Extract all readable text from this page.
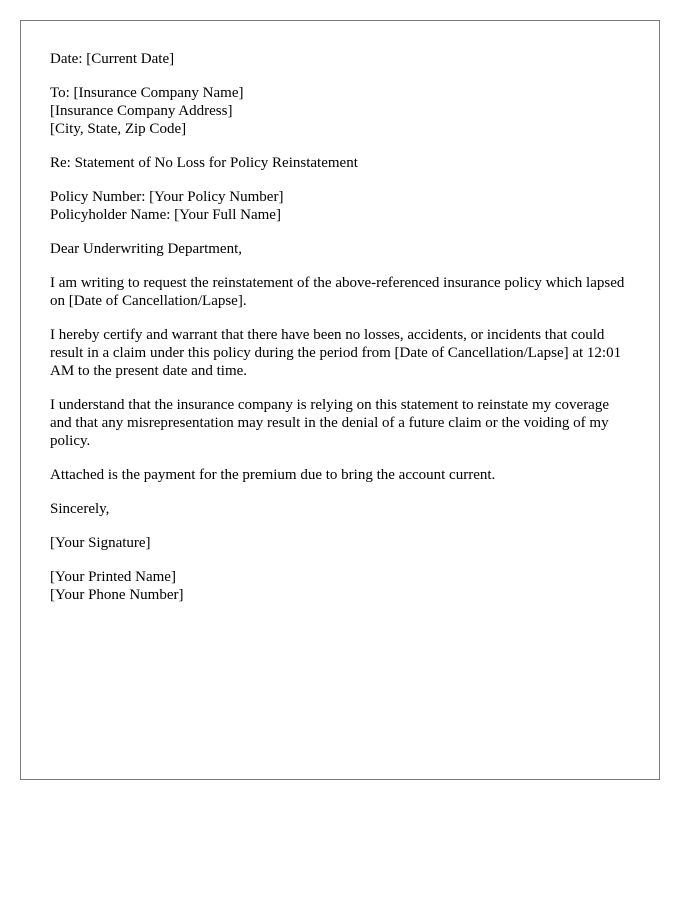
Date: [Current Date]
To: [Insurance Company Name]
[Insurance Company Address]
[City, State, Zip Code]
Re: Statement of No Loss for Policy Reinstatement
Policy Number: [Your Policy Number]
Policyholder Name: [Your Full Name]
Dear Underwriting Department,

I am writing to request the reinstatement of the above-referenced insurance policy which lapsed on [Date of Cancellation/Lapse].

I hereby certify and warrant that there have been no losses, accidents, or incidents that could result in a claim under this policy during the period from [Date of Cancellation/Lapse] at 12:01 AM to the present date and time.

I understand that the insurance company is relying on this statement to reinstate my coverage and that any misrepresentation may result in the denial of a future claim or the voiding of my policy.

Attached is the payment for the premium due to bring the account current.

Sincerely,
[Your Signature]
[Your Printed Name]
[Your Phone Number]
